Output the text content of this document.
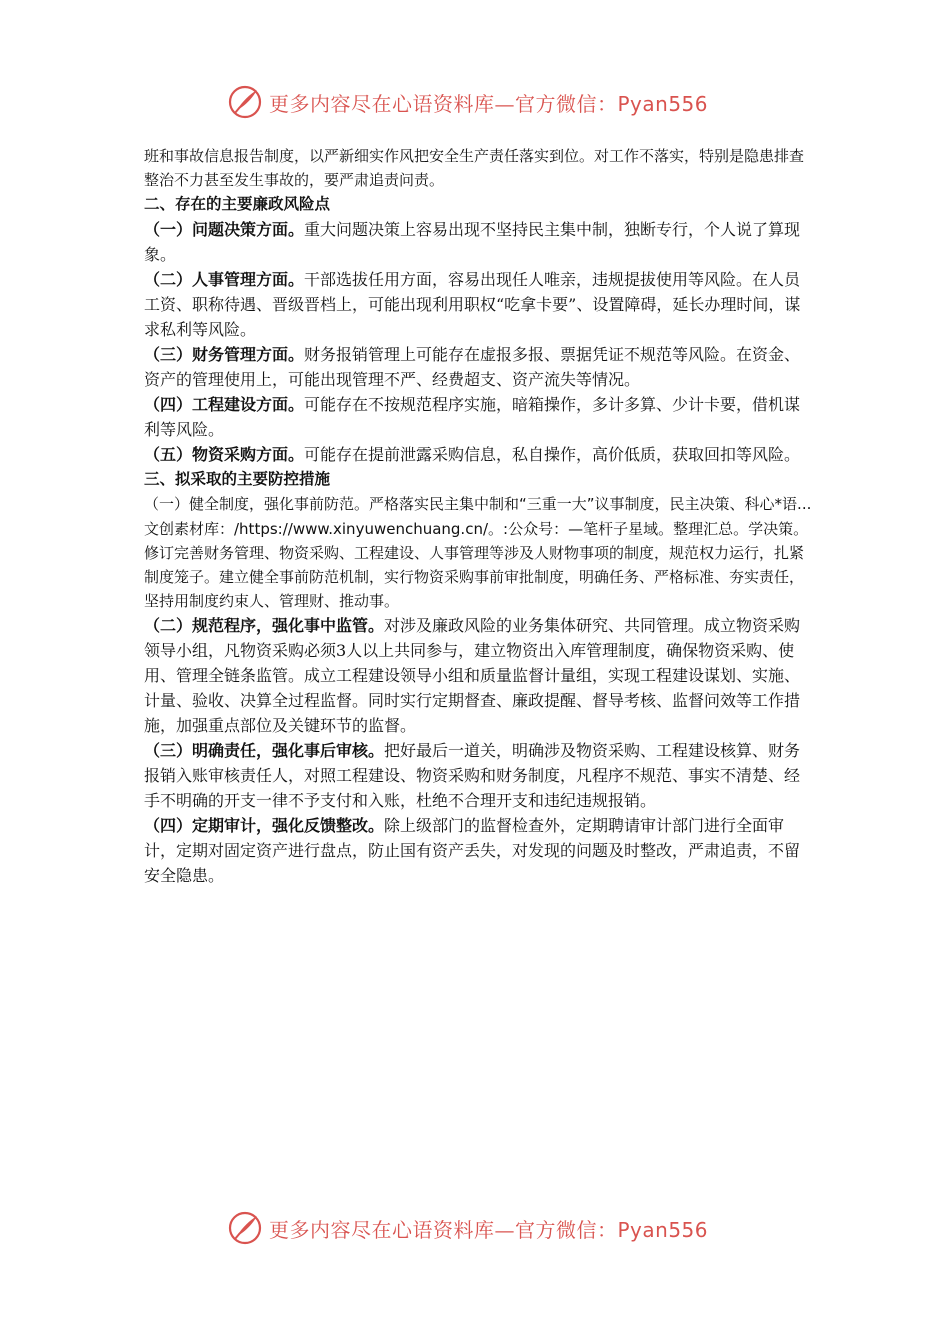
更多内容尽在心语资料库—官方微信：Pyan556

班和事故信息报告制度，以严新细实作风把安全生产责任落实到位。对工作不落实，特别是隐患排查整治不力甚至发生事故的，要严肃追责问责。

二、存在的主要廉政风险点

（一）问题决策方面。重大问题决策上容易出现不坚持民主集中制，独断专行，个人说了算现象。

（二）人事管理方面。干部选拔任用方面，容易出现任人唯亲，违规提拔使用等风险。在人员工资、职称待遇、晋级晋档上，可能出现利用职权“吃拿卡要”、设置障碍，延长办理时间，谋求私利等风险。

（三）财务管理方面。财务报销管理上可能存在虚报多报、票据凭证不规范等风险。在资金、资产的管理使用上，可能出现管理不严、经费超支、资产流失等情况。

（四）工程建设方面。可能存在不按规范程序实施，暗箱操作，多计多算、少计卡要，借机谋利等风险。

（五）物资采购方面。可能存在提前泄露采购信息，私自操作，高价低质，获取回扣等风险。

三、拟采取的主要防控措施

（一）健全制度，强化事前防范。严格落实民主集中制和“三重一大”议事制度，民主决策、科心*语...文创素材库：/https://www.xinyuwenchuang.cn/。:公众号：—笔杆子星域。整理汇总。学决策。修订完善财务管理、物资采购、工程建设、人事管理等涉及人财物事项的制度，规范权力运行，扎紧制度笼子。建立健全事前防范机制，实行物资采购事前审批制度，明确任务、严格标准、夯实责任，坚持用制度约束人、管理财、推动事。

（二）规范程序，强化事中监管。对涉及廉政风险的业务集体研究、共同管理。成立物资采购领导小组，凡物资采购必须3人以上共同参与，建立物资出入库管理制度，确保物资采购、使用、管理全链条监管。成立工程建设领导小组和质量监督计量组，实现工程建设谋划、实施、计量、验收、决算全过程监督。同时实行定期督查、廉政提醒、督导考核、监督问效等工作措施，加强重点部位及关键环节的监督。

（三）明确责任，强化事后审核。把好最后一道关，明确涉及物资采购、工程建设核算、财务报销入账审核责任人，对照工程建设、物资采购和财务制度，凡程序不规范、事实不清楚、经手不明确的开支一律不予支付和入账，杜绝不合理开支和违纪违规报销。

（四）定期审计，强化反馈整改。除上级部门的监督检查外，定期聘请审计部门进行全面审计，定期对固定资产进行盘点，防止国有资产丢失，对发现的问题及时整改，严肃追责，不留安全隐患。

更多内容尽在心语资料库—官方微信：Pyan556
